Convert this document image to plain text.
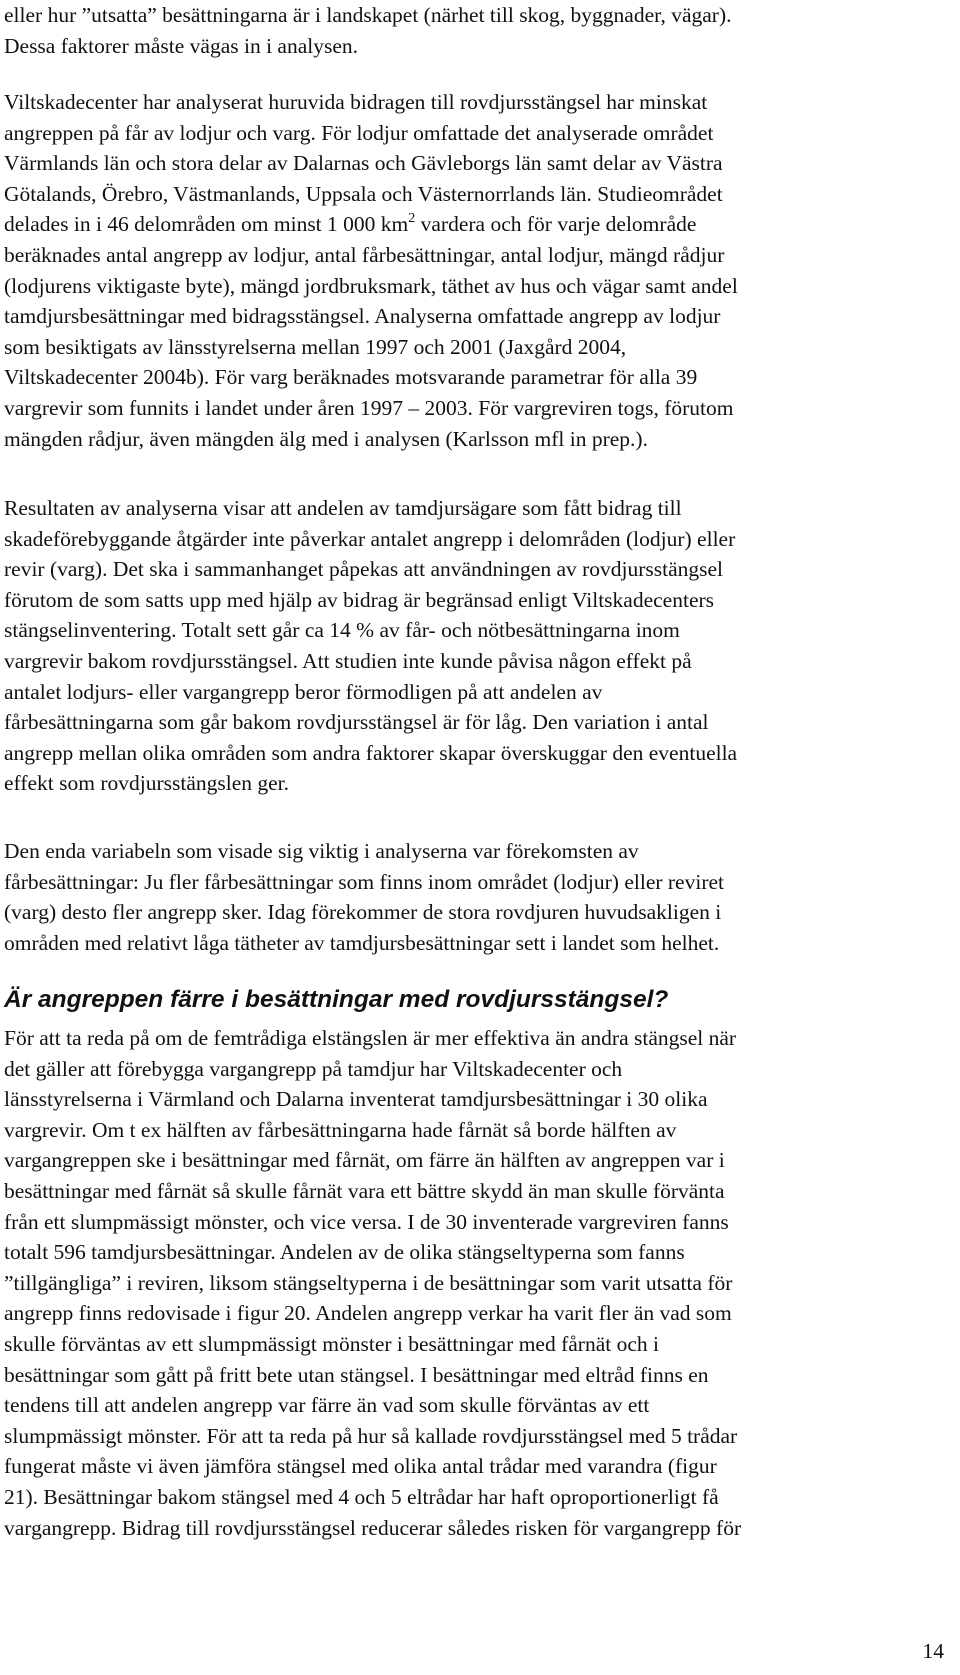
eller hur ”utsatta” besättningarna är i landskapet (närhet till skog, byggnader, vägar).
Dessa faktorer måste vägas in i analysen.
Viltskadecenter har analyserat huruvida bidragen till rovdjursstängsel har minskat
angreppen på får av lodjur och varg. För lodjur omfattade det analyserade området
Värmlands län och stora delar av Dalarnas och Gävleborgs län samt delar av Västra
Götalands, Örebro, Västmanlands, Uppsala och Västernorrlands län. Studieområdet
delades in i 46 delområden om minst 1 000 $km^2$ vardera och för varje delområde
beräknades antal angrepp av lodjur, antal fårbesättningar, antal lodjur, mängd rådjur
(lodjurens viktigaste byte), mängd jordbruksmark, täthet av hus och vägar samt andel
tamdjursbesättningar med bidragsstängsel. Analyserna omfattade angrepp av lodjur
som besiktigats av länsstyrelserna mellan 1997 och 2001 (Jaxgård 2004,
Viltskadecenter 2004b). För varg beräknades motsvarande parametrar för alla 39
vargrevir som funnits i landet under åren 1997 – 2003. För vargreviren togs, förutom
mängden rådjur, även mängden älg med i analysen (Karlsson mfl in prep.).
Resultaten av analyserna visar att andelen av tamdjursägare som fått bidrag till
skadeförebyggande åtgärder inte påverkar antalet angrepp i delområden (lodjur) eller
revir (varg). Det ska i sammanhanget påpekas att användningen av rovdjursstängsel
förutom de som satts upp med hjälp av bidrag är begränsad enligt Viltskadecenters
stängselinventering. Totalt sett går ca 14 % av får- och nötbesättningarna inom
vargrevir bakom rovdjursstängsel. Att studien inte kunde påvisa någon effekt på
antalet lodjurs- eller vargangrepp beror förmodligen på att andelen av
fårbesättningarna som går bakom rovdjursstängsel är för låg. Den variation i antal
angrepp mellan olika områden som andra faktorer skapar överskuggar den eventuella
effekt som rovdjursstängslen ger.
Den enda variabeln som visade sig viktig i analyserna var förekomsten av
fårbesättningar: Ju fler fårbesättningar som finns inom området (lodjur) eller reviret
(varg) desto fler angrepp sker. Idag förekommer de stora rovdjuren huvudsakligen i
områden med relativt låga tätheter av tamdjursbesättningar sett i landet som helhet.
Är angreppen färre i besättningar med rovdjursstängsel?
För att ta reda på om de femtrådiga elstängslen är mer effektiva än andra stängsel när
det gäller att förebygga vargangrepp på tamdjur har Viltskadecenter och
länsstyrelserna i Värmland och Dalarna inventerat tamdjursbesättningar i 30 olika
vargrevir. Om t ex hälften av fårbesättningarna hade fårnät så borde hälften av
vargangreppen ske i besättningar med fårnät, om färre än hälften av angreppen var i
besättningar med fårnät så skulle fårnät vara ett bättre skydd än man skulle förvänta
från ett slumpmässigt mönster, och vice versa. I de 30 inventerade vargreviren fanns
totalt 596 tamdjursbesättningar. Andelen av de olika stängseltyperna som fanns
”tillgängliga” i reviren, liksom stängseltyperna i de besättningar som varit utsatta för
angrepp finns redovisade i figur 20. Andelen angrepp verkar ha varit fler än vad som
skulle förväntas av ett slumpmässigt mönster i besättningar med fårnät och i
besättningar som gått på fritt bete utan stängsel. I besättningar med eltråd finns en
tendens till att andelen angrepp var färre än vad som skulle förväntas av ett
slumpmässigt mönster. För att ta reda på hur så kallade rovdjursstängsel med 5 trådar
fungerat måste vi även jämföra stängsel med olika antal trådar med varandra (figur
21). Besättningar bakom stängsel med 4 och 5 eltrådar har haft oproportionerligt få
vargangrepp. Bidrag till rovdjursstängsel reducerar således risken för vargangrepp för
14
